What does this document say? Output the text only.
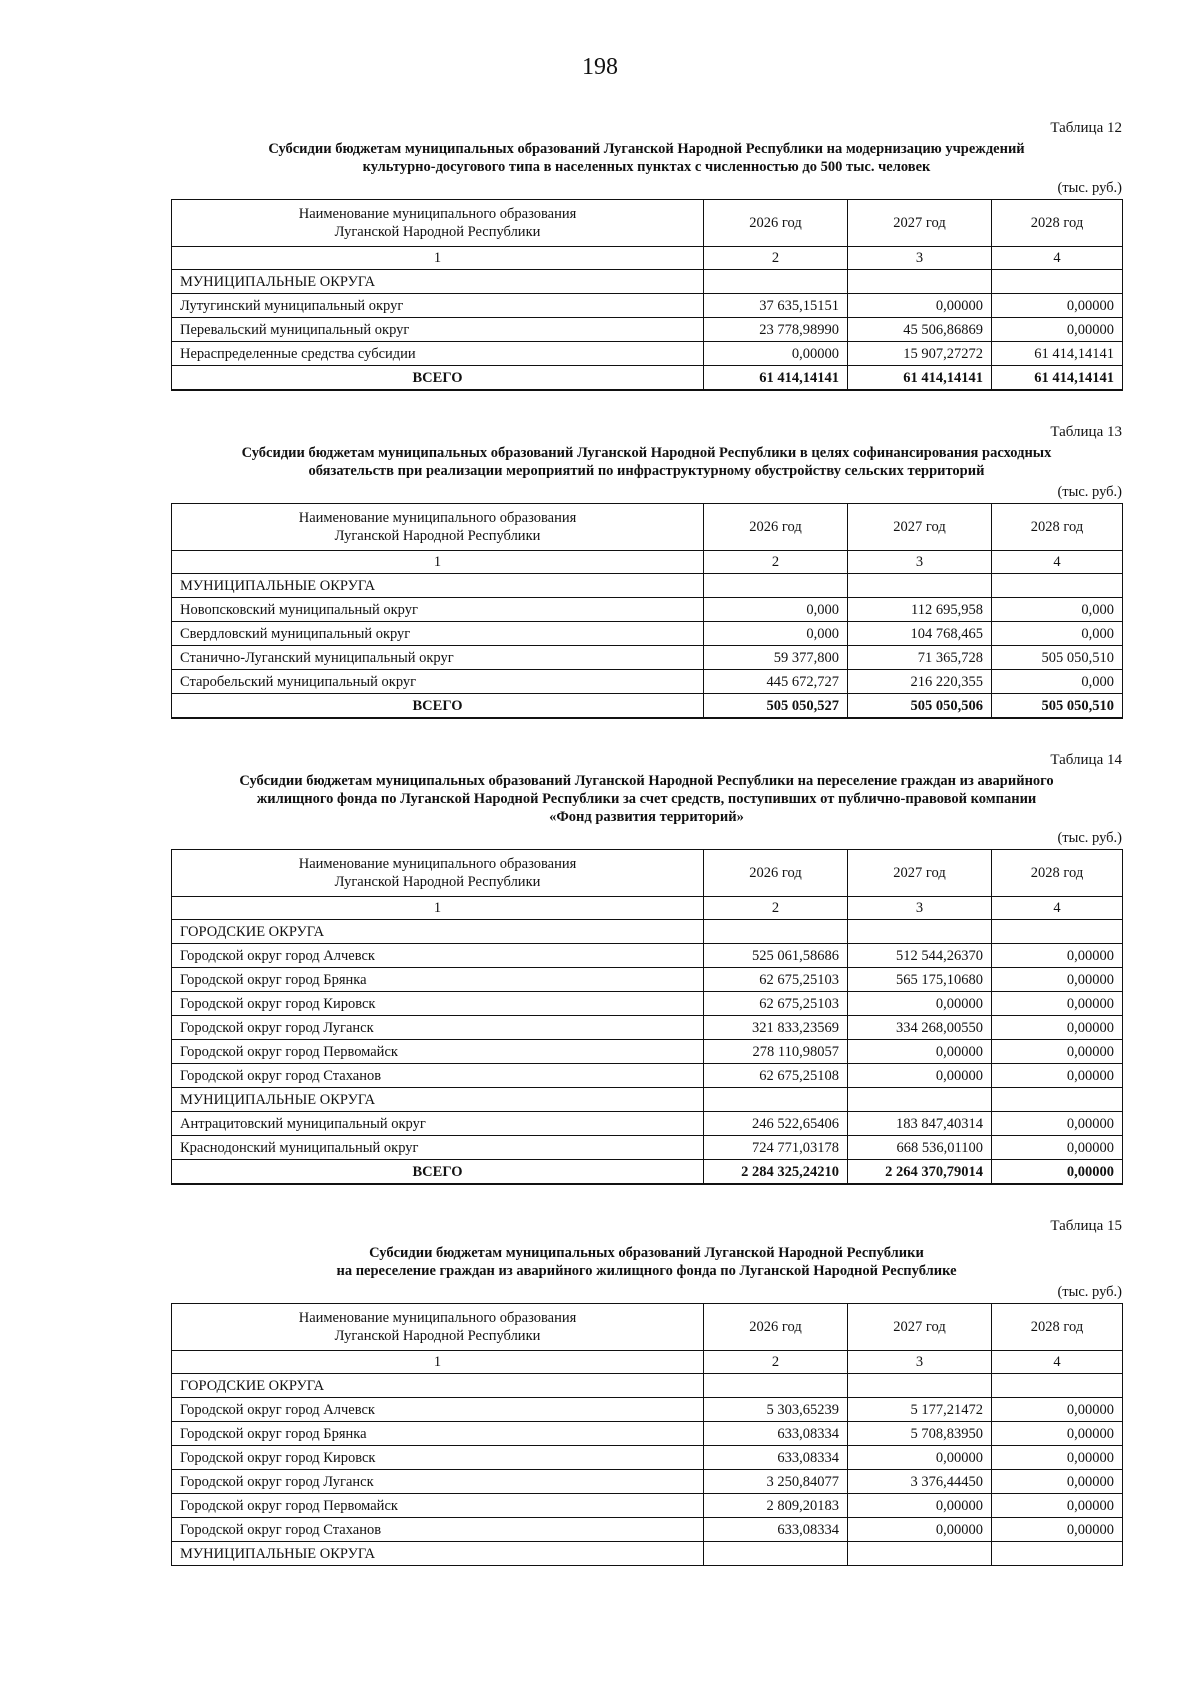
198
Таблица 12
Субсидии бюджетам муниципальных образований Луганской Народной Республики на модернизацию учреждений
культурно-досугового типа в населенных пунктах с численностью до 500 тыс. человек
(тыс. руб.)
Наименование муниципального образования
Луганской Народной Республики	2026 год	2027 год	2028 год
1	2	3	4
МУНИЦИПАЛЬНЫЕ ОКРУГА			
Лутугинский муниципальный округ	37 635,15151	0,00000	0,00000
Перевальский муниципальный округ	23 778,98990	45 506,86869	0,00000
Нераспределенные средства субсидии	0,00000	15 907,27272	61 414,14141
ВСЕГО	61 414,14141	61 414,14141	61 414,14141
Таблица 13
Субсидии бюджетам муниципальных образований Луганской Народной Республики в целях софинансирования расходных
обязательств при реализации мероприятий по инфраструктурному обустройству сельских территорий
(тыс. руб.)
Наименование муниципального образования
Луганской Народной Республики	2026 год	2027 год	2028 год
1	2	3	4
МУНИЦИПАЛЬНЫЕ ОКРУГА			
Новопсковский муниципальный округ	0,000	112 695,958	0,000
Свердловский муниципальный округ	0,000	104 768,465	0,000
Станично-Луганский муниципальный округ	59 377,800	71 365,728	505 050,510
Старобельский муниципальный округ	445 672,727	216 220,355	0,000
ВСЕГО	505 050,527	505 050,506	505 050,510
Таблица 14
Субсидии бюджетам муниципальных образований Луганской Народной Республики на переселение граждан из аварийного
жилищного фонда по Луганской Народной Республики за счет средств, поступивших от публично-правовой компании
«Фонд развития территорий»
(тыс. руб.)
Наименование муниципального образования
Луганской Народной Республики	2026 год	2027 год	2028 год
1	2	3	4
ГОРОДСКИЕ ОКРУГА			
Городской округ город Алчевск	525 061,58686	512 544,26370	0,00000
Городской округ город Брянка	62 675,25103	565 175,10680	0,00000
Городской округ город Кировск	62 675,25103	0,00000	0,00000
Городской округ город Луганск	321 833,23569	334 268,00550	0,00000
Городской округ город Первомайск	278 110,98057	0,00000	0,00000
Городской округ город Стаханов	62 675,25108	0,00000	0,00000
МУНИЦИПАЛЬНЫЕ ОКРУГА			
Антрацитовский муниципальный округ	246 522,65406	183 847,40314	0,00000
Краснодонский муниципальный округ	724 771,03178	668 536,01100	0,00000
ВСЕГО	2 284 325,24210	2 264 370,79014	0,00000
Таблица 15
Субсидии бюджетам муниципальных образований Луганской Народной Республики
на переселение граждан из аварийного жилищного фонда по Луганской Народной Республике
(тыс. руб.)
Наименование муниципального образования
Луганской Народной Республики	2026 год	2027 год	2028 год
1	2	3	4
ГОРОДСКИЕ ОКРУГА			
Городской округ город Алчевск	5 303,65239	5 177,21472	0,00000
Городской округ город Брянка	633,08334	5 708,83950	0,00000
Городской округ город Кировск	633,08334	0,00000	0,00000
Городской округ город Луганск	3 250,84077	3 376,44450	0,00000
Городской округ город Первомайск	2 809,20183	0,00000	0,00000
Городской округ город Стаханов	633,08334	0,00000	0,00000
МУНИЦИПАЛЬНЫЕ ОКРУГА			
